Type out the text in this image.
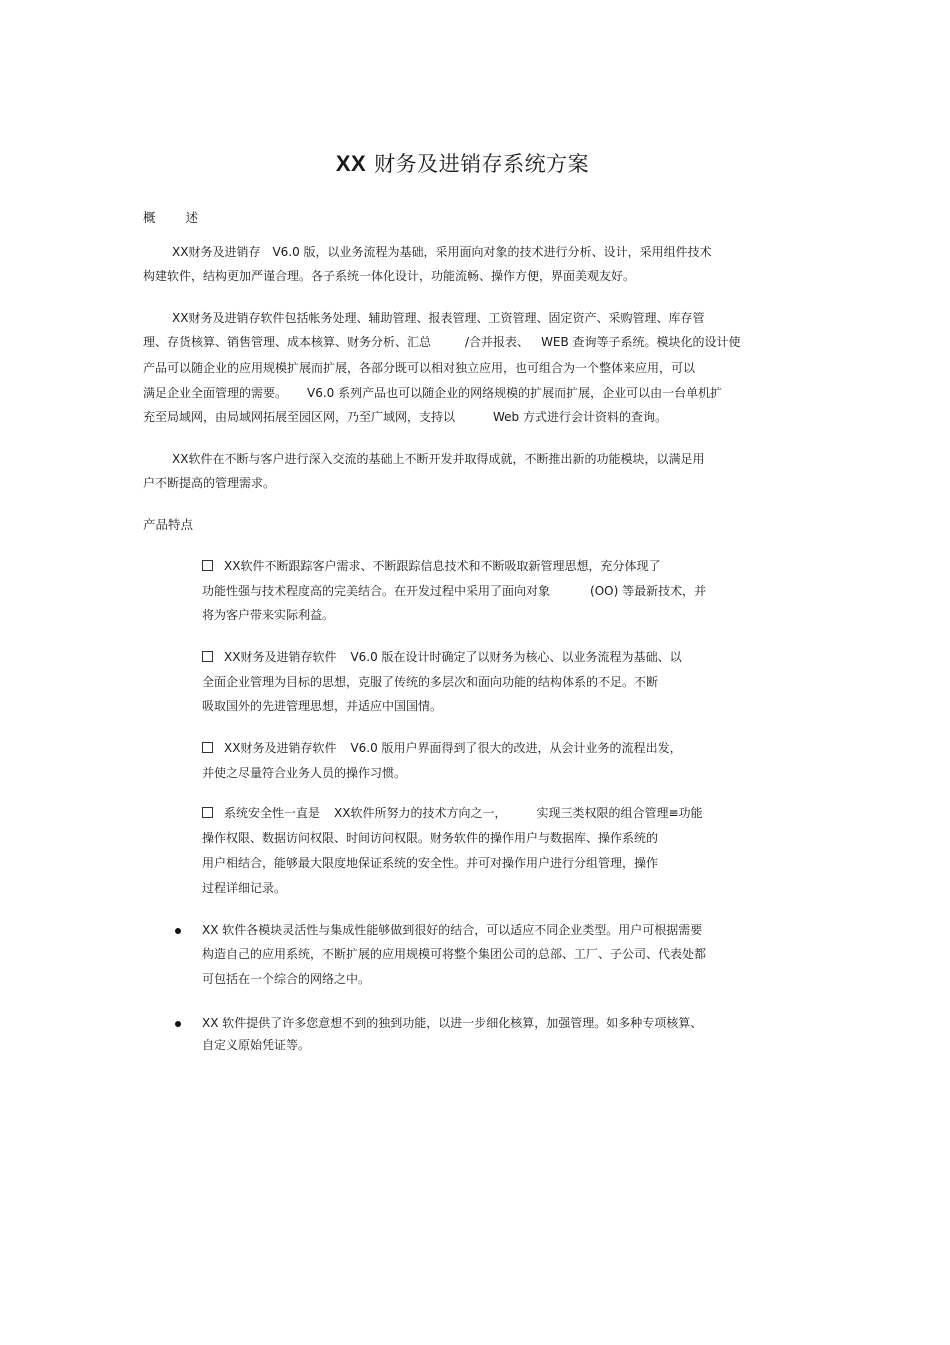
XX 财务及进销存系统方案
概 述
XX财务及进销存 V6.0 版，以业务流程为基础，采用面向对象的技术进行分析、设计，采用组件技术
构建软件，结构更加严谨合理。各子系统一体化设计，功能流畅、操作方便，界面美观友好。
XX财务及进销存软件包括帐务处理、辅助管理、报表管理、工资管理、固定资产、采购管理、库存管
理、存货核算、销售管理、成本核算、财务分析、汇总	/合并报表、 WEB 查询等子系统。模块化的设计使
产品可以随企业的应用规模扩展而扩展，各部分既可以相对独立应用，也可组合为一个整体来应用，可以
满足企业全面管理的需要。 V6.0 系列产品也可以随企业的网络规模的扩展而扩展，企业可以由一台单机扩
充至局域网，由局域网拓展至园区网，乃至广域网，支持以	Web 方式进行会计资料的查询。
XX软件在不断与客户进行深入交流的基础上不断开发并取得成就，不断推出新的功能模块，以满足用
户不断提高的管理需求。
产品特点
XX软件不断跟踪客户需求、不断跟踪信息技术和不断吸取新管理思想，充分体现了
功能性强与技术程度高的完美结合。在开发过程中采用了面向对象	(OO) 等最新技术，并
将为客户带来实际利益。
XX财务及进销存软件 V6.0 版在设计时确定了以财务为核心、以业务流程为基础、以
全面企业管理为目标的思想，克服了传统的多层次和面向功能的结构体系的不足。不断
吸取国外的先进管理思想，并适应中国国情。
XX财务及进销存软件 V6.0 版用户界面得到了很大的改进，从会计业务的流程出发，
并使之尽量符合业务人员的操作习惯。
系统安全性一直是 XX软件所努力的技术方向之一，	实现三类权限的组合管理≡功能
操作权限、数据访问权限、时间访问权限。财务软件的操作用户与数据库、操作系统的
用户相结合，能够最大限度地保证系统的安全性。并可对操作用户进行分组管理，操作
过程详细记录。
XX 软件各模块灵活性与集成性能够做到很好的结合，可以适应不同企业类型。用户可根据需要
构造自己的应用系统，不断扩展的应用规模可将整个集团公司的总部、工厂、子公司、代表处都
可包括在一个综合的网络之中。
XX 软件提供了许多您意想不到的独到功能，以进一步细化核算，加强管理。如多种专项核算、
自定义原始凭证等。
